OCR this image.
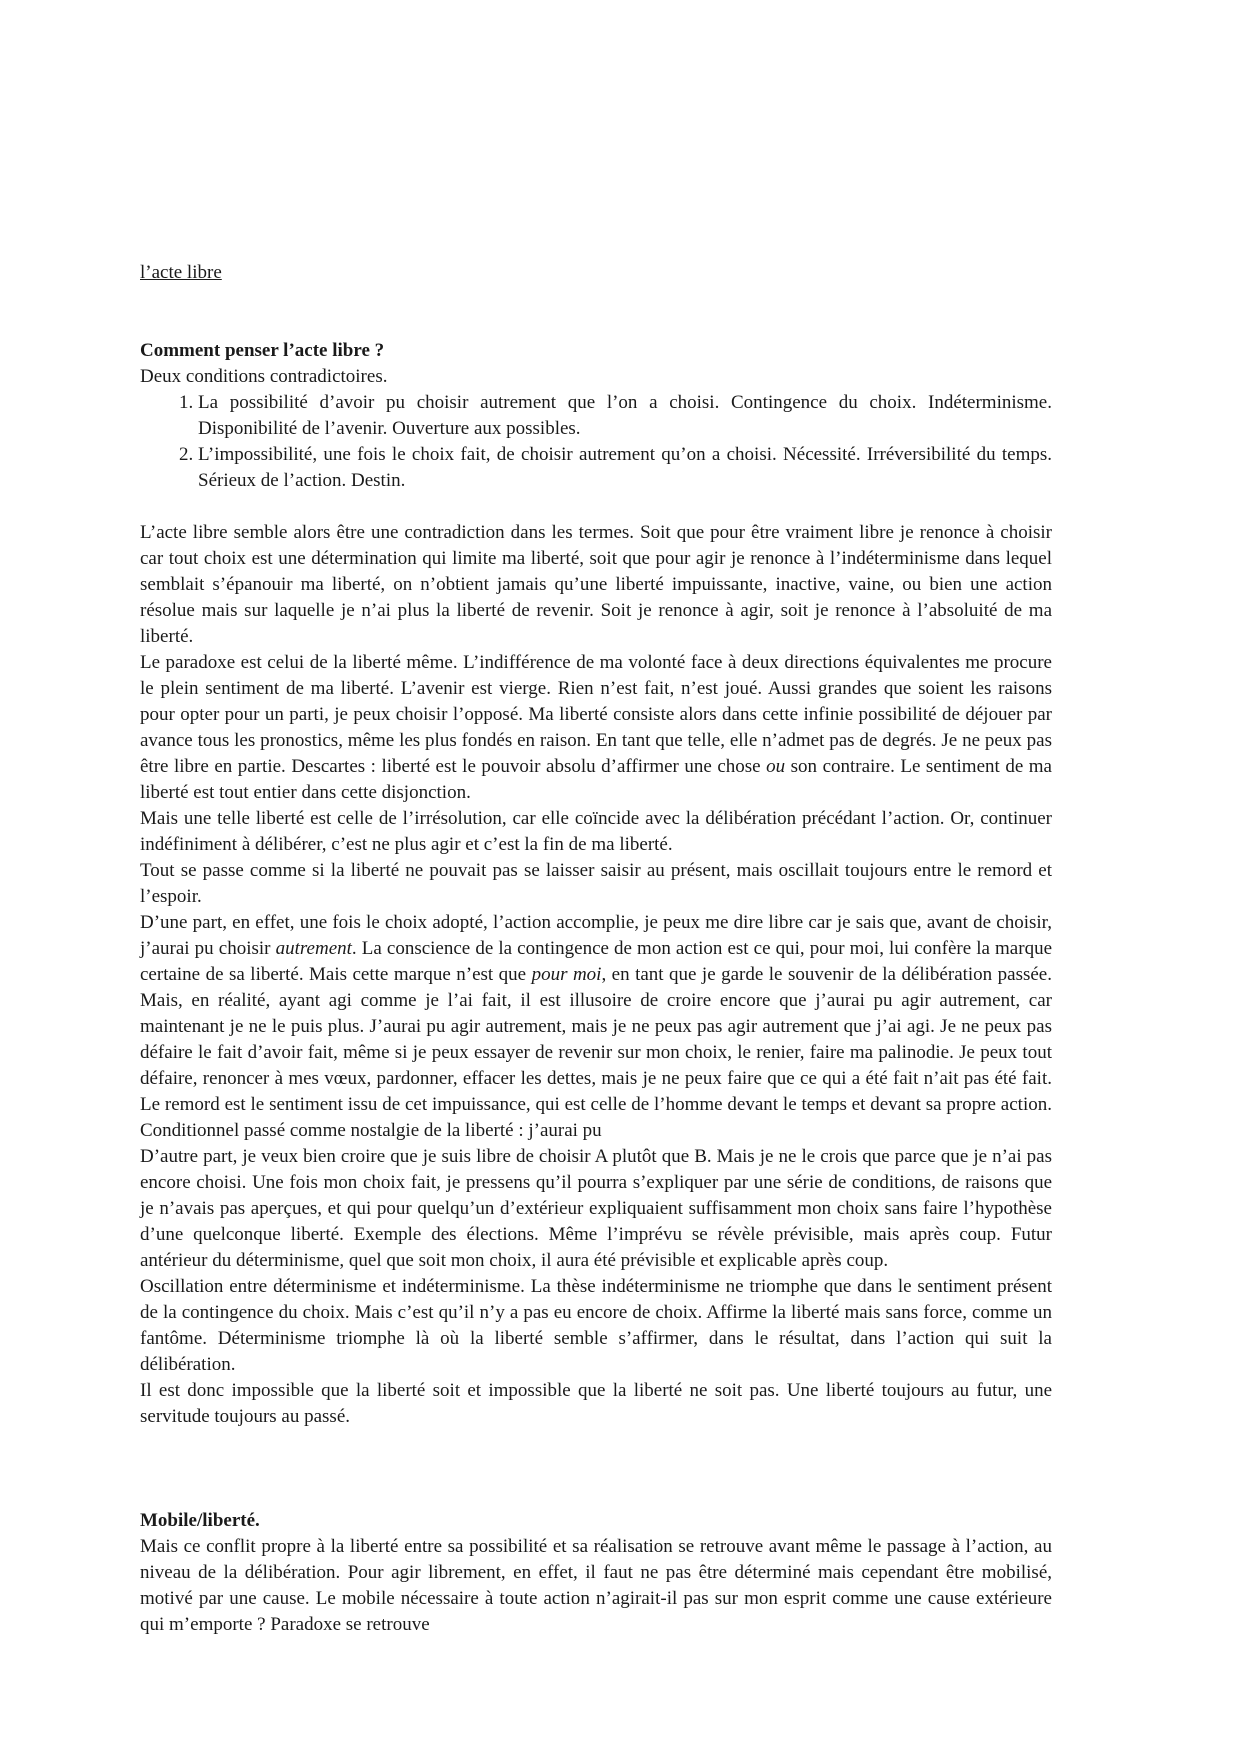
l’acte libre

Comment penser l’acte libre ?

Deux conditions contradictoires.

1. La possibilité d’avoir pu choisir autrement que l’on a choisi. Contingence du choix. Indéterminisme. Disponibilité de l’avenir. Ouverture aux possibles.
2. L’impossibilité, une fois le choix fait, de choisir autrement qu’on a choisi. Nécessité. Irréversibilité du temps. Sérieux de l’action. Destin.

L’acte libre semble alors être une contradiction dans les termes. Soit que pour être vraiment libre je renonce à choisir car tout choix est une détermination qui limite ma liberté, soit que pour agir je renonce à l’indéterminisme dans lequel semblait s’épanouir ma liberté, on n’obtient jamais qu’une liberté impuissante, inactive, vaine, ou bien une action résolue mais sur laquelle je n’ai plus la liberté de revenir. Soit je renonce à agir, soit je renonce à l’absoluité de ma liberté.

Le paradoxe est celui de la liberté même. L’indifférence de ma volonté face à deux directions équivalentes me procure le plein sentiment de ma liberté. L’avenir est vierge. Rien n’est fait, n’est joué. Aussi grandes que soient les raisons pour opter pour un parti, je peux choisir l’opposé. Ma liberté consiste alors dans cette infinie possibilité de déjouer par avance tous les pronostics, même les plus fondés en raison. En tant que telle, elle n’admet pas de degrés. Je ne peux pas être libre en partie. Descartes : liberté est le pouvoir absolu d’affirmer une chose ou son contraire. Le sentiment de ma liberté est tout entier dans cette disjonction.

Mais une telle liberté est celle de l’irrésolution, car elle coïncide avec la délibération précédant l’action. Or, continuer indéfiniment à délibérer, c’est ne plus agir et c’est la fin de ma liberté.

Tout se passe comme si la liberté ne pouvait pas se laisser saisir au présent, mais oscillait toujours entre le remord et l’espoir.

D’une part, en effet, une fois le choix adopté, l’action accomplie, je peux me dire libre car je sais que, avant de choisir, j’aurai pu choisir autrement. La conscience de la contingence de mon action est ce qui, pour moi, lui confère la marque certaine de sa liberté. Mais cette marque n’est que pour moi, en tant que je garde le souvenir de la délibération passée. Mais, en réalité, ayant agi comme je l’ai fait, il est illusoire de croire encore que j’aurai pu agir autrement, car maintenant je ne le puis plus. J’aurai pu agir autrement, mais je ne peux pas agir autrement que j’ai agi. Je ne peux pas défaire le fait d’avoir fait, même si je peux essayer de revenir sur mon choix, le renier, faire ma palinodie. Je peux tout défaire, renoncer à mes vœux, pardonner, effacer les dettes, mais je ne peux faire que ce qui a été fait n’ait pas été fait. Le remord est le sentiment issu de cet impuissance, qui est celle de l’homme devant le temps et devant sa propre action. Conditionnel passé comme nostalgie de la liberté : j’aurai pu

D’autre part, je veux bien croire que je suis libre de choisir A plutôt que B. Mais je ne le crois que parce que je n’ai pas encore choisi. Une fois mon choix fait, je pressens qu’il pourra s’expliquer par une série de conditions, de raisons que je n’avais pas aperçues, et qui pour quelqu’un d’extérieur expliquaient suffisamment mon choix sans faire l’hypothèse d’une quelconque liberté. Exemple des élections. Même l’imprévu se révèle prévisible, mais après coup. Futur antérieur du déterminisme, quel que soit mon choix, il aura été prévisible et explicable après coup.

Oscillation entre déterminisme et indéterminisme. La thèse indéterminisme ne triomphe que dans le sentiment présent de la contingence du choix. Mais c’est qu’il n’y a pas eu encore de choix. Affirme la liberté mais sans force, comme un fantôme. Déterminisme triomphe là où la liberté semble s’affirmer, dans le résultat, dans l’action qui suit la délibération.

Il est donc impossible que la liberté soit et impossible que la liberté ne soit pas. Une liberté toujours au futur, une servitude toujours au passé.

Mobile/liberté.

Mais ce conflit propre à la liberté entre sa possibilité et sa réalisation se retrouve avant même le passage à l’action, au niveau de la délibération. Pour agir librement, en effet, il faut ne pas être déterminé mais cependant être mobilisé, motivé par une cause. Le mobile nécessaire à toute action n’agirait-il pas sur mon esprit comme une cause extérieure qui m’emporte ? Paradoxe se retrouve
